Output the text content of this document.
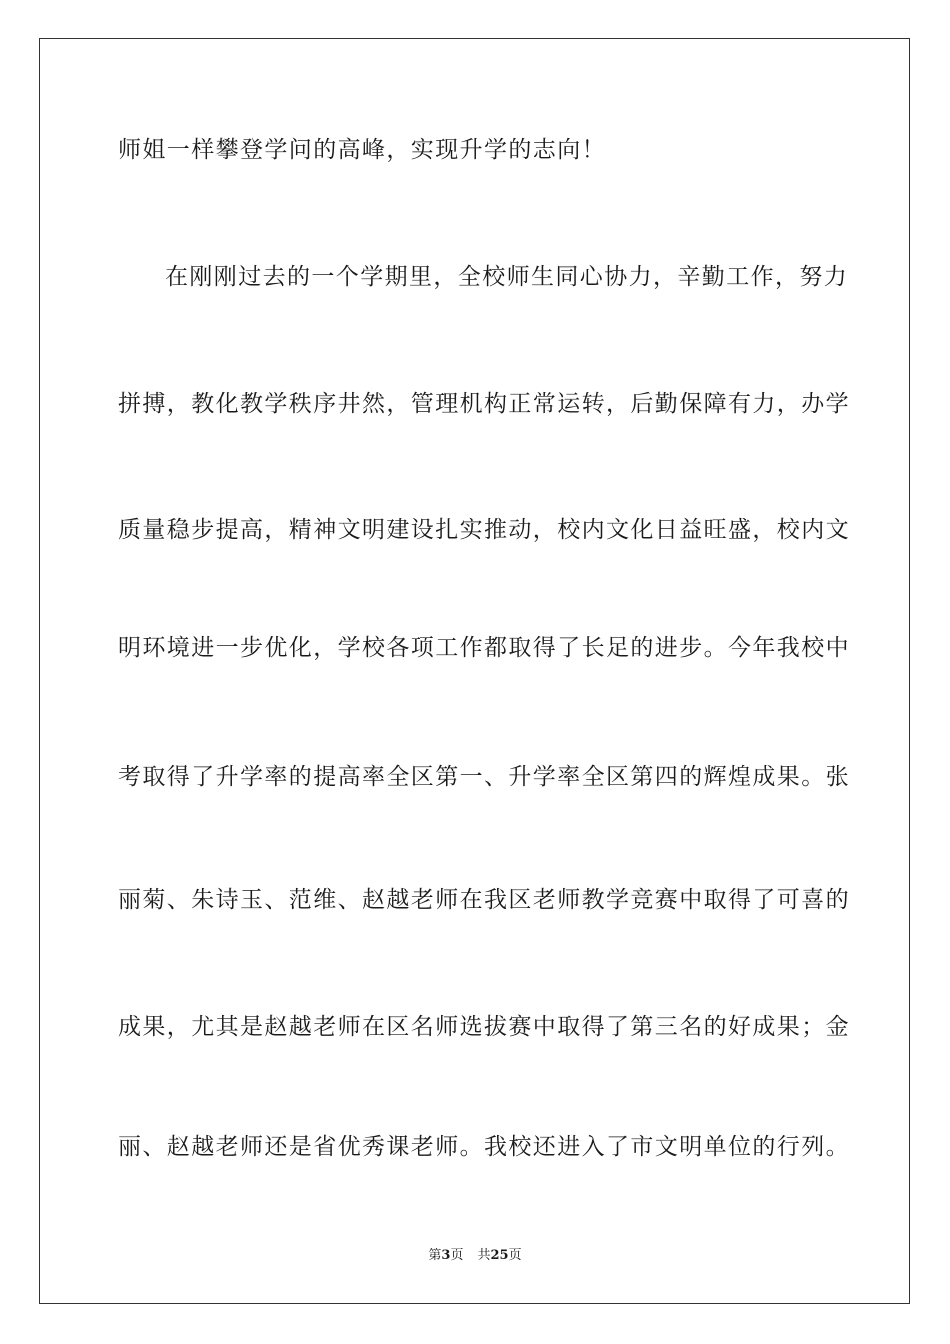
师姐一样攀登学问的高峰，实现升学的志向！
在刚刚过去的一个学期里，全校师生同心协力，辛勤工作，努力
拼搏，教化教学秩序井然，管理机构正常运转，后勤保障有力，办学
质量稳步提高，精神文明建设扎实推动，校内文化日益旺盛，校内文
明环境进一步优化，学校各项工作都取得了长足的进步。今年我校中
考取得了升学率的提高率全区第一、升学率全区第四的辉煌成果。张
丽菊、朱诗玉、范维、赵越老师在我区老师教学竞赛中取得了可喜的
成果，尤其是赵越老师在区名师选拔赛中取得了第三名的好成果；金
丽、赵越老师还是省优秀课老师。我校还进入了市文明单位的行列。
第3页 共25页
